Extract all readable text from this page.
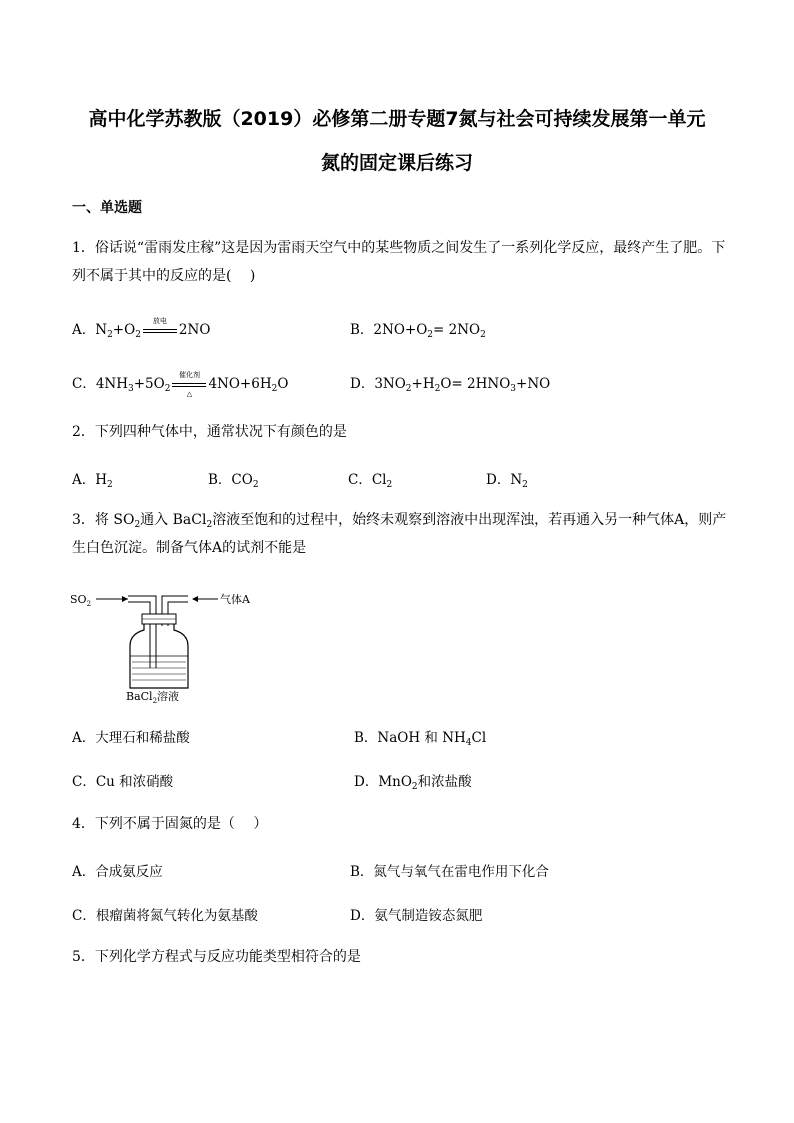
高中化学苏教版（2019）必修第二册专题7氮与社会可持续发展第一单元
氮的固定课后练习
一、单选题
1．俗话说“雷雨发庄稼”这是因为雷雨天空气中的某些物质之间发生了一系列化学反应，最终产生了肥。下
列不属于其中的反应的是(　 )
A．$N_2+O_2$
放电
2NO	B．$2NO+O_2= 2NO_2$
C．$4NH_3+5O_2$
催化剂
△
$4NO+6H_2O$	D．$3NO_2+H_2O= 2HNO_3+NO$
2．下列四种气体中，通常状况下有颜色的是
A．$H_2$	B．$CO_2$	C．$Cl_2$	D．$N_2$
3．将 $SO_2$通入 BaCl$_2$溶液至饱和的过程中，始终未观察到溶液中出现浑浊，若再通入另一种气体A，则产
生白色沉淀。制备气体A的试剂不能是
$SO_2$	气体A
BaCl$_2$溶液
A．大理石和稀盐酸	B．NaOH 和 $NH_4Cl$
C．Cu 和浓硝酸	D．MnO$_2$和浓盐酸
4．下列不属于固氮的是（　 ）
A．合成氨反应	B．氮气与氧气在雷电作用下化合
C．根瘤菌将氮气转化为氨基酸	D．氨气制造铵态氮肥
5．下列化学方程式与反应功能类型相符合的是
